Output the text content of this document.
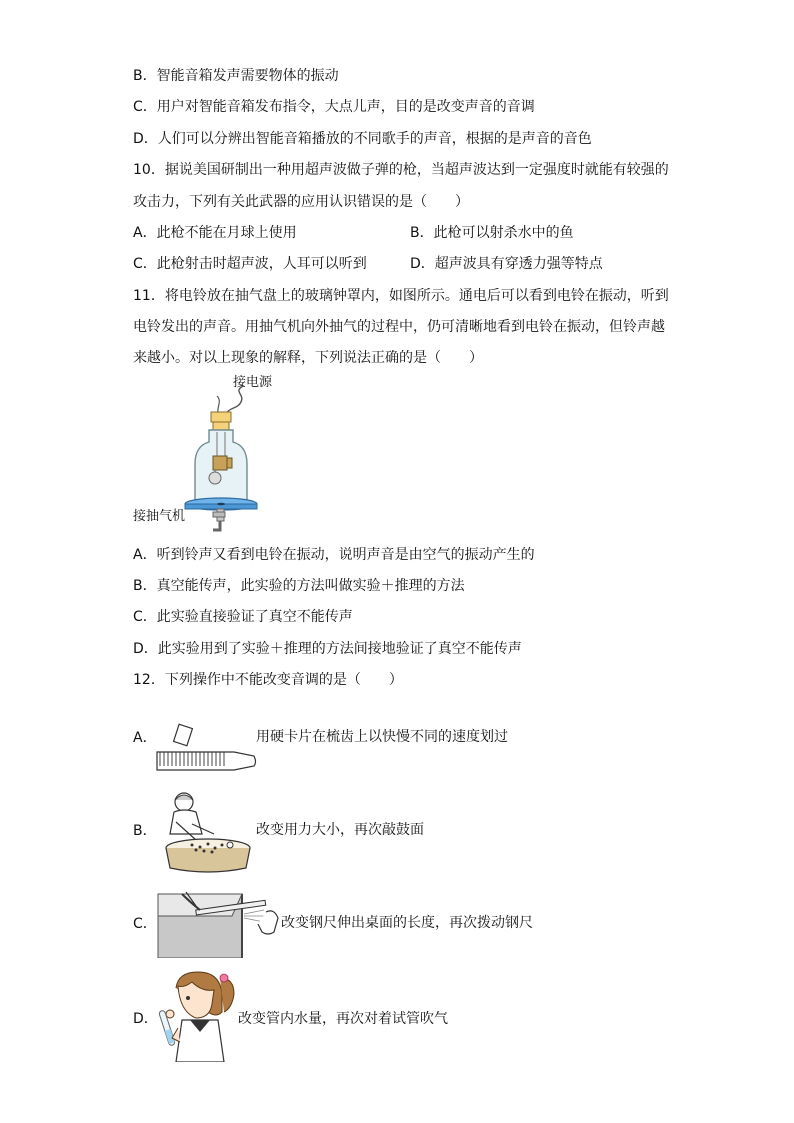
B．智能音箱发声需要物体的振动
C．用户对智能音箱发布指令，大点儿声，目的是改变声音的音调
D．人们可以分辨出智能音箱播放的不同歌手的声音，根据的是声音的音色
10．据说美国研制出一种用超声波做子弹的枪，当超声波达到一定强度时就能有较强的
攻击力，下列有关此武器的应用认识错误的是（　　）
A．此枪不能在月球上使用	B．此枪可以射杀水中的鱼
C．此枪射击时超声波，人耳可以听到	D．超声波具有穿透力强等特点
11．将电铃放在抽气盘上的玻璃钟罩内，如图所示。通电后可以看到电铃在振动，听到
电铃发出的声音。用抽气机向外抽气的过程中，仍可清晰地看到电铃在振动，但铃声越
来越小。对以上现象的解释，下列说法正确的是（　　）
接电源
接抽气机
A．听到铃声又看到电铃在振动，说明声音是由空气的振动产生的
B．真空能传声，此实验的方法叫做实验＋推理的方法
C．此实验直接验证了真空不能传声
D．此实验用到了实验＋推理的方法间接地验证了真空不能传声
12．下列操作中不能改变音调的是（　　）
A．	用硬卡片在梳齿上以快慢不同的速度划过
B．	改变用力大小，再次敲鼓面
C．	改变钢尺伸出桌面的长度，再次拨动钢尺
D．	改变管内水量，再次对着试管吹气
